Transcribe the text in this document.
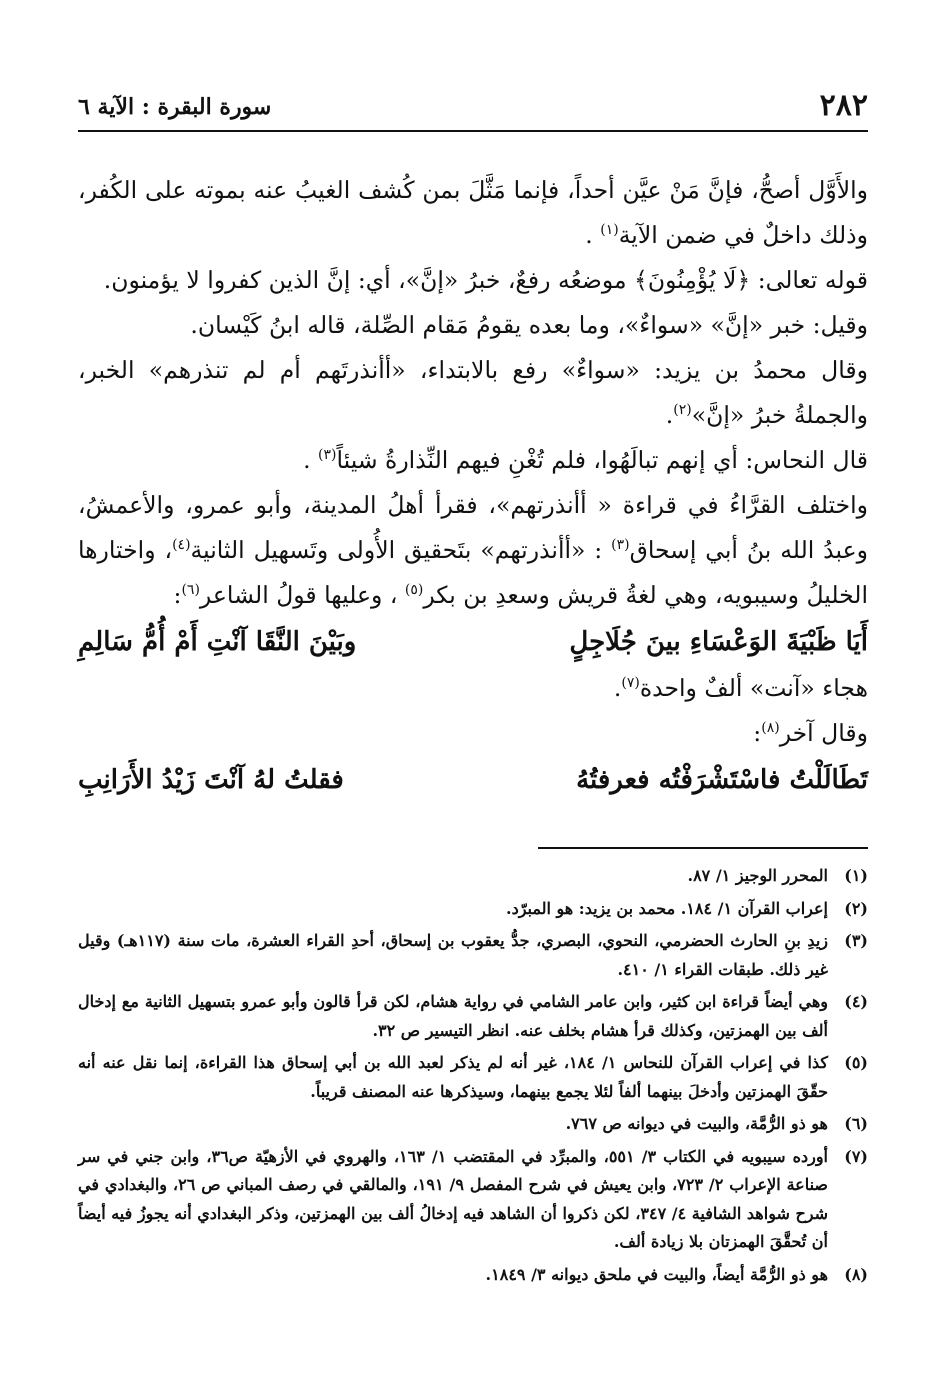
٢٨٢
سورة البقرة : الآية ٦

والأَوَّل أصحُّ، فإنَّ مَنْ عيَّن أحداً، فإنما مَثَّلَ بمن كُشف الغيبُ عنه بموته على الكُفر، وذلك داخلٌ في ضمن الآية$^{(١)}$ .

قوله تعالى: ﴿لَا يُؤْمِنُونَ﴾ موضعُه رفعٌ، خبرُ «إنَّ»، أي: إنَّ الذين كفروا لا يؤمنون.

وقيل: خبر «إنَّ» «سواءٌ»، وما بعده يقومُ مَقام الصِّلة، قاله ابنُ كَيْسان.

وقال محمدُ بن يزيد: «سواءٌ» رفع بالابتداء، «أأنذرتَهم أم لم تنذرهم» الخبر، والجملةُ خبرُ «إنَّ»$^{(٢)}$.

قال النحاس: أي إنهم تبالَهُوا، فلم تُغْنِ فيهم النِّذارةُ شيئاً$^{(٣)}$ .

واختلف القرَّاءُ في قراءة « أأنذرتهم»، فقرأ أهلُ المدينة، وأبو عمرو، والأعمشُ، وعبدُ الله بنُ أبي إسحاق$^{(٣)}$ : «أأنذرتهم» بتَحقيق الأُولى وتَسهيل الثانية$^{(٤)}$، واختارها الخليلُ وسيبويه، وهي لغةُ قريش وسعدِ بن بكر$^{(٥)}$ ، وعليها قولُ الشاعر$^{(٦)}$:

أَيَا ظَبْيَةَ الوَعْسَاءِ بينَ جُلَاجِلٍ
وبَيْنَ النَّقَا آنْتِ أَمْ أُمُّ سَالِمِ

هجاء «آنت» ألفٌ واحدة$^{(٧)}$.

وقال آخر$^{(٨)}$:

تَطَالَلْتُ فاسْتَشْرَفْتُه فعرفتُهُ
فقلتُ لهُ آنْتَ زَيْدُ الأَرَانِبِ
(١)
المحرر الوجيز ١/ ٨٧.
(٢)
إعراب القرآن ١/ ١٨٤. محمد بن يزيد: هو المبرّد.
(٣)
زيدِ بنِ الحارث الحضرمي، النحوي، البصري، جدُّ يعقوب بن إسحاق، أحدِ القراء العشرة، مات سنة (١١٧هـ) وقيل غير ذلك. طبقات القراء ١/ ٤١٠.
(٤)
وهي أيضاً قراءة ابن كثير، وابن عامر الشامي في رواية هشام، لكن قرأ قالون وأبو عمرو بتسهيل الثانية مع إدخال ألف بين الهمزتين، وكذلك قرأ هشام بخلف عنه. انظر التيسير ص ٣٢.
(٥)
كذا في إعراب القرآن للنحاس ١/ ١٨٤، غير أنه لم يذكر لعبد الله بن أبي إسحاق هذا القراءة، إنما نقل عنه أنه حقّقَ الهمزتين وأدخلَ بينهما ألفاً لئلا يجمع بينهما، وسيذكرها عنه المصنف قريباً.
(٦)
هو ذو الرُّمَّة، والبيت في ديوانه ص ٧٦٧.
(٧)
أورده سيبويه في الكتاب ٣/ ٥٥١، والمبرِّد في المقتضب ١/ ١٦٣، والهروي في الأزهيّة ص٣٦، وابن جني في سر صناعة الإعراب ٢/ ٧٢٣، وابن يعيش في شرح المفصل ٩/ ١٩١، والمالقي في رصف المباني ص ٢٦، والبغدادي في شرح شواهد الشافية ٤/ ٣٤٧، لكن ذكروا أن الشاهد فيه إدخالُ ألف بين الهمزتين، وذكر البغدادي أنه يجوزُ فيه أيضاً أن تُحقَّقَ الهمزتان بلا زيادة ألف.
(٨)
هو ذو الرُّمَّة أيضاً، والبيت في ملحق ديوانه ٣/ ١٨٤٩.
